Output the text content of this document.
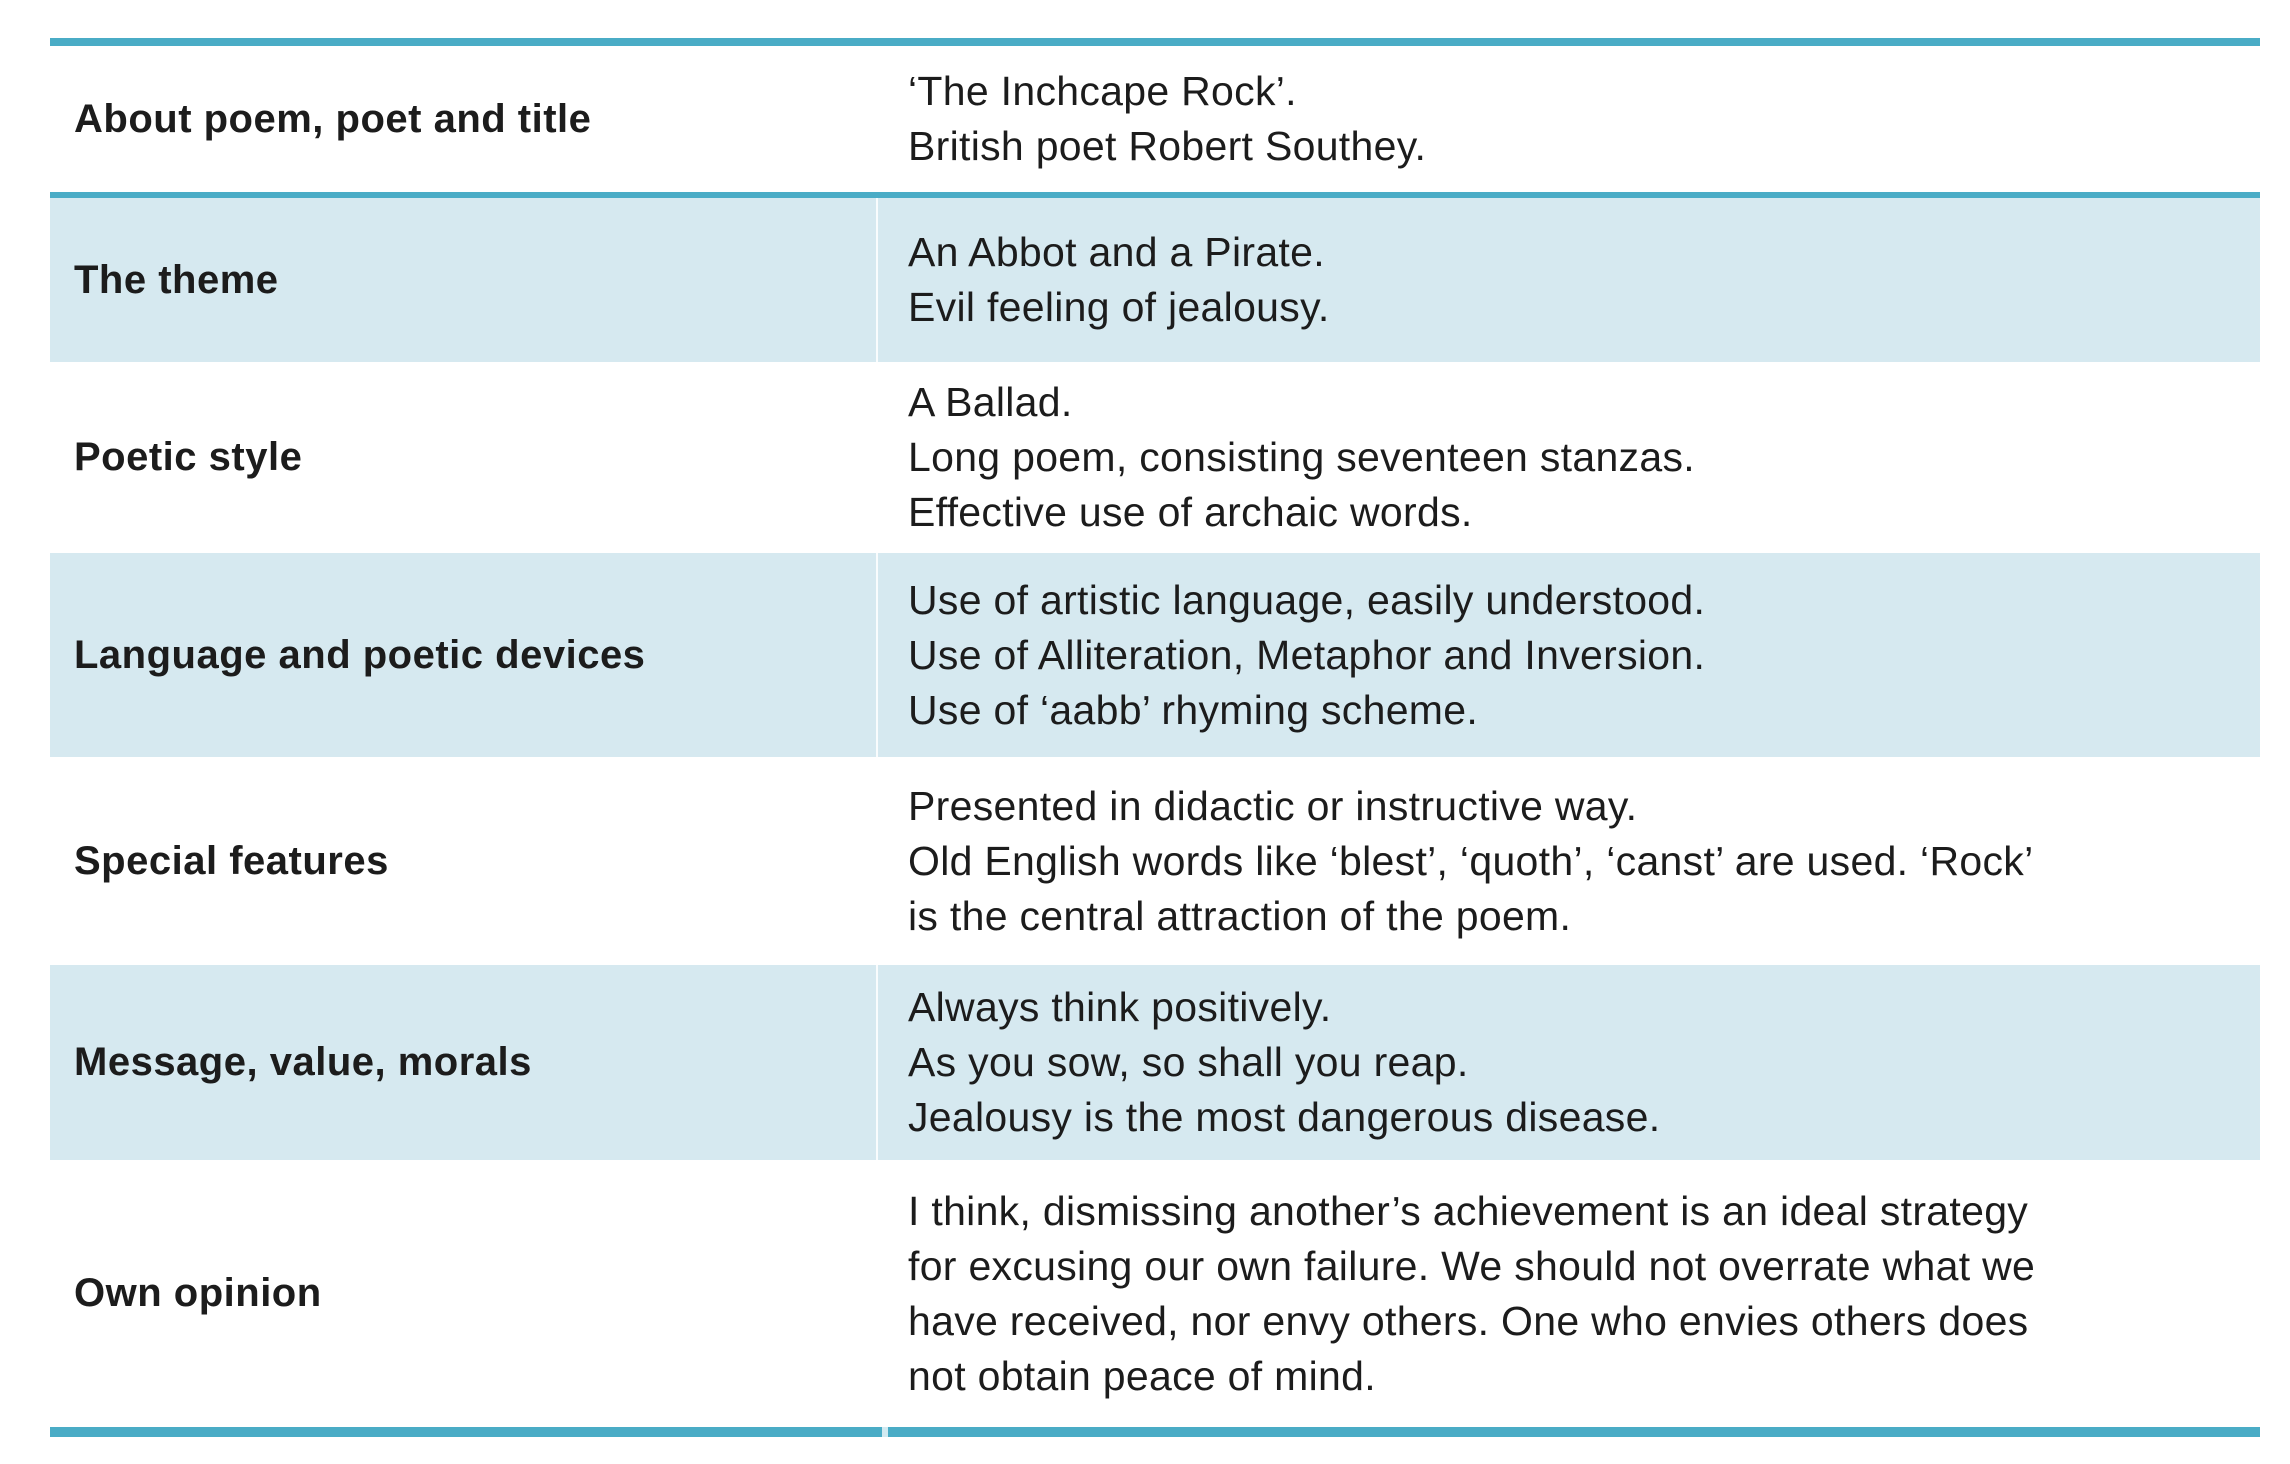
About poem, poet and title
‘The Inchcape Rock’.
British poet Robert Southey.
The theme
An Abbot and a Pirate.
Evil feeling of jealousy.
Poetic style
A Ballad.
Long poem, consisting seventeen stanzas.
Effective use of archaic words.
Language and poetic devices
Use of artistic language, easily understood.
Use of Alliteration, Metaphor and Inversion.
Use of ‘aabb’ rhyming scheme.
Special features
Presented in didactic or instructive way.
Old English words like ‘blest’, ‘quoth’, ‘canst’ are used. ‘Rock’
is the central attraction of the poem.
Message, value, morals
Always think positively.
As you sow, so shall you reap.
Jealousy is the most dangerous disease.
Own opinion
I think, dismissing another’s achievement is an ideal strategy
for excusing our own failure. We should not overrate what we
have received, nor envy others. One who envies others does
not obtain peace of mind.
